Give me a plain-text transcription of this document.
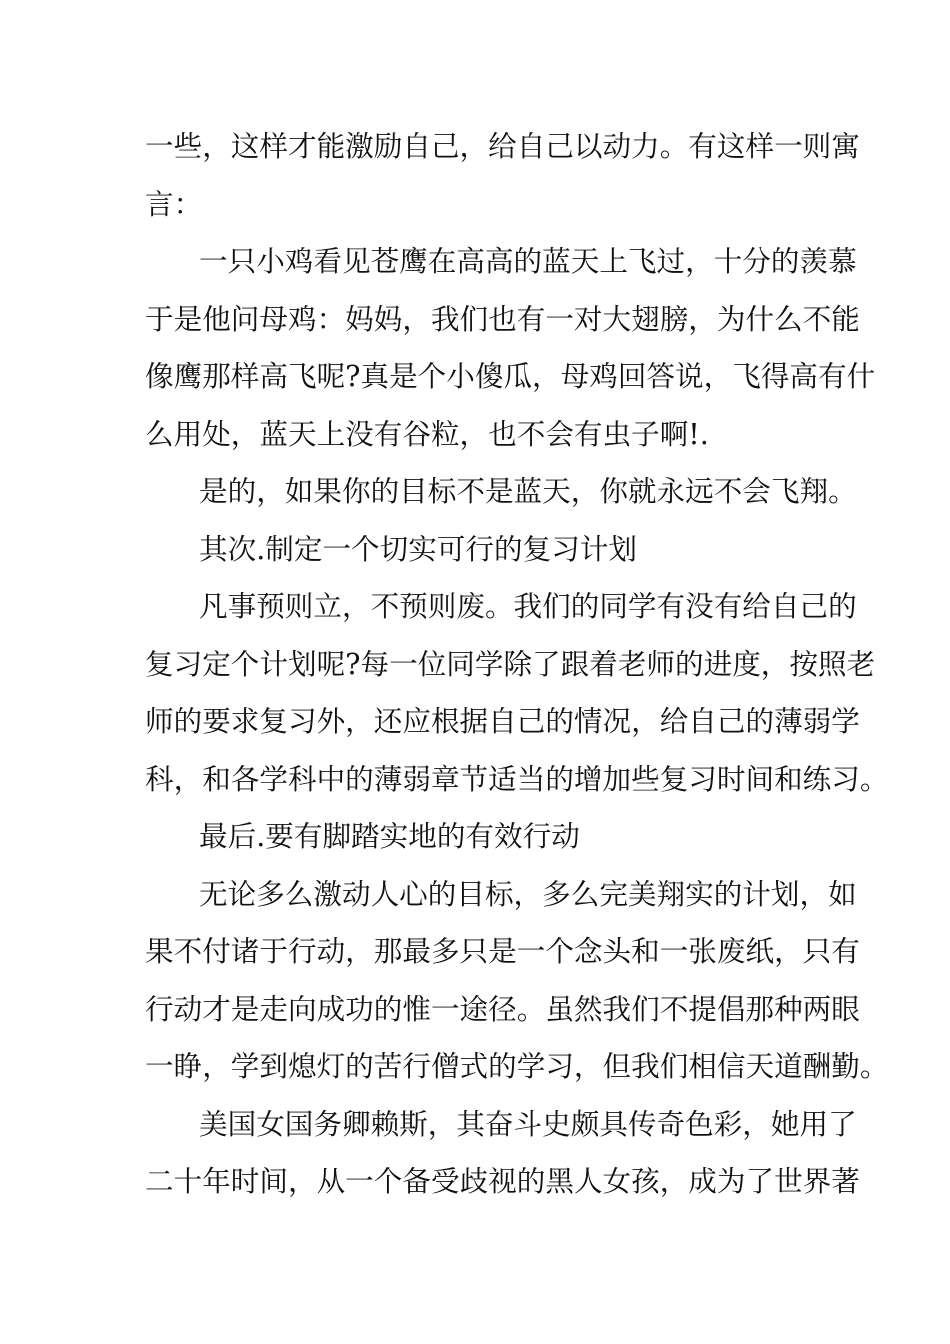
一些，这样才能激励自己，给自己以动力。有这样一则寓

言：

一只小鸡看见苍鹰在高高的蓝天上飞过，十分的羡慕

于是他问母鸡：妈妈，我们也有一对大翅膀，为什么不能

像鹰那样高飞呢?真是个小傻瓜，母鸡回答说，飞得高有什

么用处，蓝天上没有谷粒，也不会有虫子啊!.

是的，如果你的目标不是蓝天，你就永远不会飞翔。

其次.制定一个切实可行的复习计划

凡事预则立，不预则废。我们的同学有没有给自己的

复习定个计划呢?每一位同学除了跟着老师的进度，按照老

师的要求复习外，还应根据自己的情况，给自己的薄弱学

科，和各学科中的薄弱章节适当的增加些复习时间和练习。

最后.要有脚踏实地的有效行动

无论多么激动人心的目标，多么完美翔实的计划，如

果不付诸于行动，那最多只是一个念头和一张废纸，只有

行动才是走向成功的惟一途径。虽然我们不提倡那种两眼

一睁，学到熄灯的苦行僧式的学习，但我们相信天道酬勤。

美国女国务卿赖斯，其奋斗史颇具传奇色彩，她用了

二十年时间，从一个备受歧视的黑人女孩，成为了世界著
